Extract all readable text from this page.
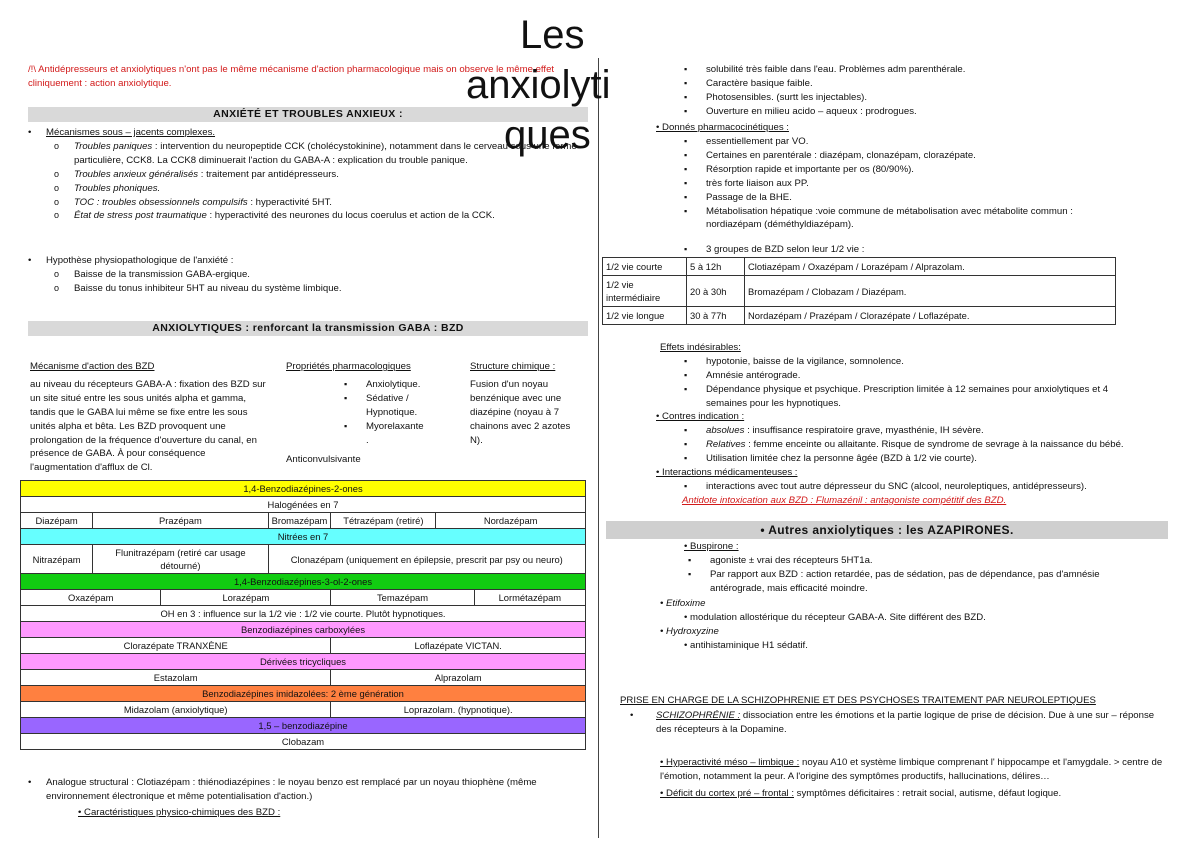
Les
anxiolyti
ques
/!\ Antidépresseurs et anxiolytiques n'ont pas le même mécanisme d'action pharmacologique mais on observe le même effet cliniquement : action anxiolytique.
ANXIÉTÉ ET TROUBLES ANXIEUX :
• Mécanismes sous – jacents complexes.
o Troubles paniques : intervention du neuropeptide CCK (cholécystokinine), notamment dans le cerveau sous une forme particulière, CCK8. La CCK8 diminuerait l'action du GABA-A : explication du trouble panique.
o Troubles anxieux généralisés : traitement par antidépresseurs.
o Troubles phoniques.
o TOC : troubles obsessionnels compulsifs : hyperactivité 5HT.
o État de stress post traumatique : hyperactivité des neurones du locus coerulus et action de la CCK.
• Hypothèse physiopathologique de l'anxiété :
o Baisse de la transmission GABA-ergique.
o Baisse du tonus inhibiteur 5HT au niveau du système limbique.
ANXIOLYTIQUES : renforcant la transmission GABA : BZD
Mécanisme d'action des BZD
au niveau du récepteurs GABA-A : fixation des BZD sur un site situé entre les sous unités alpha et gamma, tandis que le GABA lui même se fixe entre les sous unités alpha et bêta. Les BZD provoquent une prolongation de la fréquence d'ouverture du canal, en présence de GABA. À pour conséquence l'augmentation d'afflux de Cl.
Propriétés pharmacologiques
▪ Anxiolytique.
▪ Sédative / Hypnotique.
▪ Myorelaxante .
Anticonvulsivante
Structure chimique :
Fusion d'un noyau benzénique avec une diazépine (noyau à 7 chainons avec 2 azotes N).
1,4-Benzodiazépines-2-ones						
Halogénées en 7						
Diazépam	Prazépam		Bromazépam	Tétrazépam (retiré)	Nordazépam	
Nitrées en 7						
Nitrazépam	Flunitrazépam (retiré car usage détourné)		Clonazépam (uniquement en épilepsie, prescrit par psy ou neuro)			
1,4-Benzodiazépines-3-ol-2-ones						
Oxazépam		Lorazépam		Temazépam		Lormétazépam
OH en 3 : influence sur la 1/2 vie : 1/2 vie courte. Plutôt hypnotiques.						
Benzodiazépines carboxylées						
Clorazépate TRANXÈNE				Loflazépate VICTAN.		
Dérivées tricycliques						
Estazolam				Alprazolam		
Benzodiazépines imidazolées: 2 ème génération						
Midazolam (anxiolytique)				Loprazolam. (hypnotique).		
1,5 – benzodiazépine						
Clobazam						
• Analogue structural : Clotiazépam : thiénodiazépines : le noyau benzo est remplacé par un noyau thiophène (même environnement électronique et même potentialisation d'action.)
• Caractéristiques physico-chimiques des BZD :
▪ solubilité très faible dans l'eau. Problèmes adm parenthérale.
▪ Caractère basique faible.
▪ Photosensibles. (surtt les injectables).
▪ Ouverture en milieu acido – aqueux : prodrogues.
• Donnés pharmacocinétiques :
▪ essentiellement par VO.
▪ Certaines en parentérale : diazépam, clonazépam, clorazépate.
▪ Résorption rapide et importante per os (80/90%).
▪ très forte liaison aux PP.
▪ Passage de la BHE.
▪ Métabolisation hépatique :voie commune de métabolisation avec métabolite commun : nordiazépam (déméthyldiazépam).
▪ 3 groupes de BZD selon leur 1/2 vie :
1/2 vie courte	5 à 12h	Clotiazépam / Oxazépam / Lorazépam / Alprazolam.
1/2 vie intermédiaire	20 à 30h	Bromazépam / Clobazam / Diazépam.
1/2 vie longue	30 à 77h	Nordazépam / Prazépam / Clorazépate / Loflazépate.
Effets indésirables:
▪ hypotonie, baisse de la vigilance, somnolence.
▪ Amnésie antérograde.
▪ Dépendance physique et psychique. Prescription limitée à 12 semaines pour anxiolytiques et 4 semaines pour les hypnotiques.
• Contres indication :
▪ absolues : insuffisance respiratoire grave, myasthénie, IH sévère.
▪ Relatives : femme enceinte ou allaitante. Risque de syndrome de sevrage à la naissance du bébé.
▪ Utilisation limitée chez la personne âgée (BZD à 1/2 vie courte).
• Interactions médicamenteuses :
▪ interactions avec tout autre dépresseur du SNC (alcool, neuroleptiques, antidépresseurs).
Antidote intoxication aux BZD : Flumazénil : antagoniste compétitif des BZD.
• Autres anxiolytiques : les AZAPIRONES.
• Buspirone :
▪ agoniste ± vrai des récepteurs 5HT1a.
▪ Par rapport aux BZD : action retardée, pas de sédation, pas de dépendance, pas d'amnésie antérograde, mais efficacité moindre.
• Etifoxime
• modulation allostérique du récepteur GABA-A. Site différent des BZD.
• Hydroxyzine
• antihistaminique H1 sédatif.
PRISE EN CHARGE DE LA SCHIZOPHRENIE ET DES PSYCHOSES TRAITEMENT PAR NEUROLEPTIQUES
• SCHIZOPHRÉNIE : dissociation entre les émotions et la partie logique de prise de décision. Due à une sur – réponse des récepteurs à la Dopamine.
• Hyperactivité méso – limbique : noyau A10 et système limbique comprenant l' hippocampe et l'amygdale. > centre de l'émotion, notamment la peur. A l'origine des symptômes productifs, hallucinations, délires…
• Déficit du cortex pré – frontal : symptômes déficitaires : retrait social, autisme, défaut logique.
